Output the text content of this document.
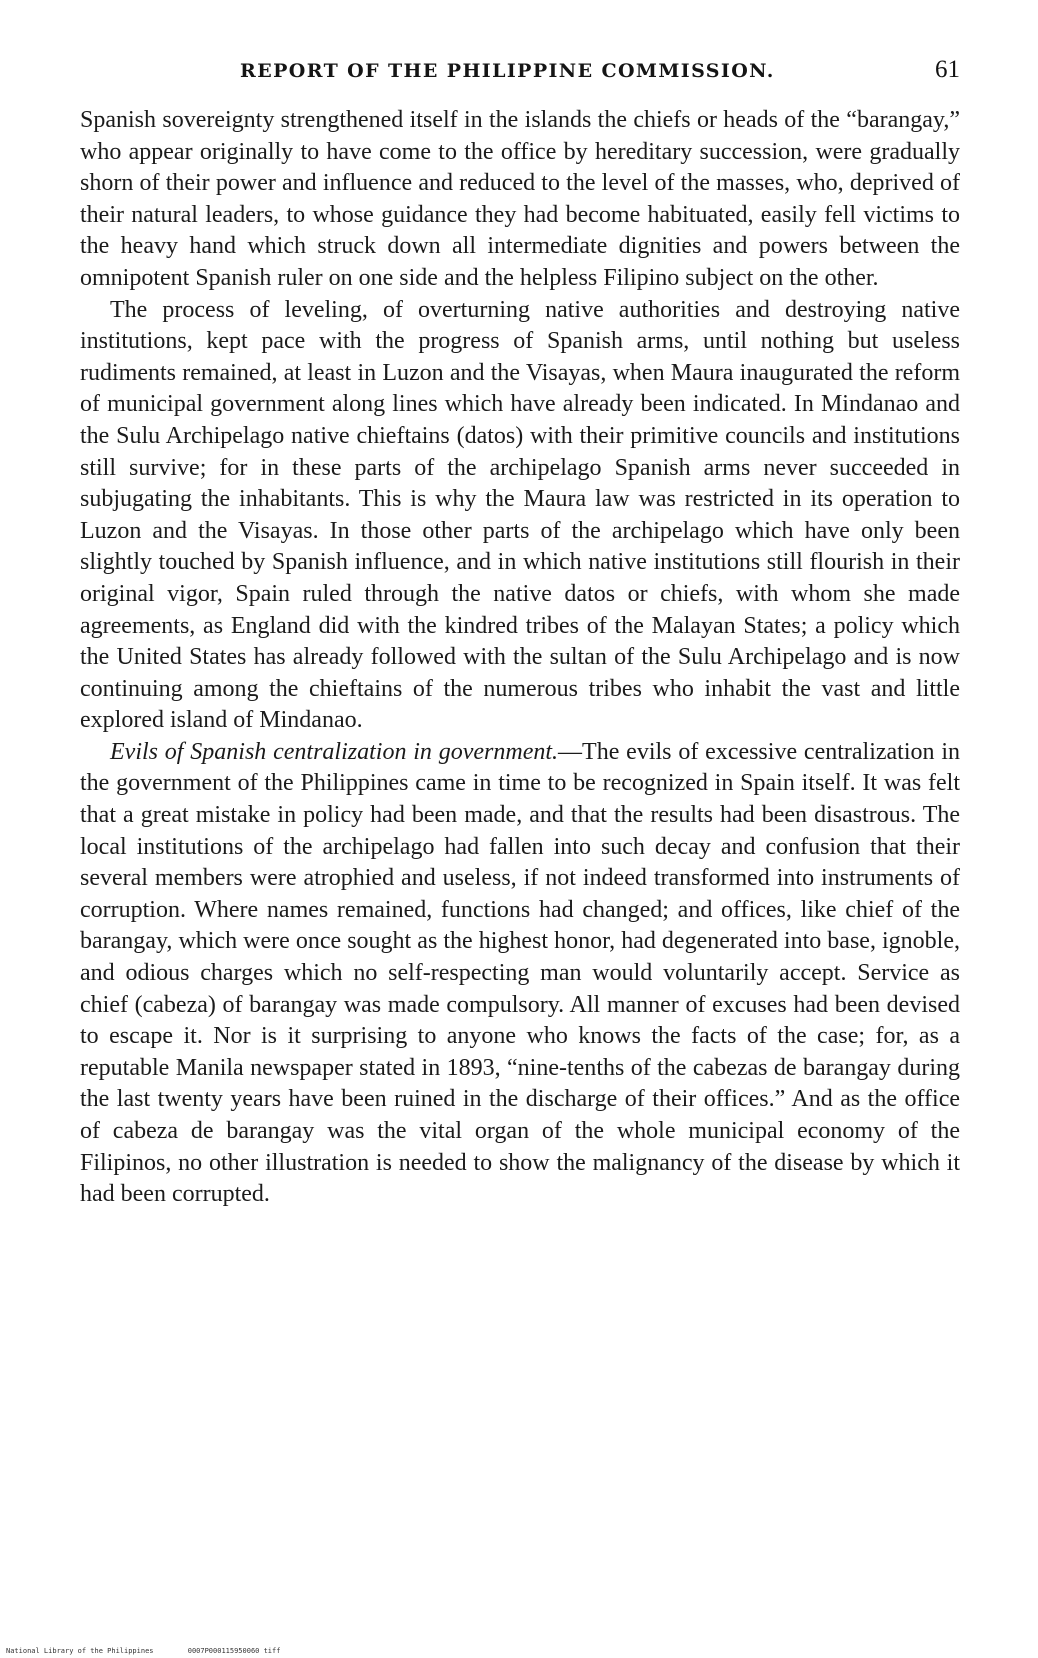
REPORT OF THE PHILIPPINE COMMISSION.	61

Spanish sovereignty strengthened itself in the islands the chiefs or heads of the “barangay,” who appear originally to have come to the office by hereditary succession, were gradually shorn of their power and influence and reduced to the level of the masses, who, deprived of their natural leaders, to whose guidance they had become habituated, easily fell victims to the heavy hand which struck down all intermediate dignities and powers between the omnipotent Spanish ruler on one side and the helpless Filipino subject on the other.

The process of leveling, of overturning native authorities and destroying native institutions, kept pace with the progress of Spanish arms, until nothing but useless rudiments remained, at least in Luzon and the Visayas, when Maura inaugurated the reform of municipal government along lines which have already been indicated. In Mindanao and the Sulu Archipelago native chieftains (datos) with their primitive councils and institutions still survive; for in these parts of the archipelago Spanish arms never succeeded in subjugating the inhabitants. This is why the Maura law was restricted in its operation to Luzon and the Visayas. In those other parts of the archipelago which have only been slightly touched by Spanish influence, and in which native institutions still flourish in their original vigor, Spain ruled through the native datos or chiefs, with whom she made agreements, as England did with the kindred tribes of the Malayan States; a policy which the United States has already followed with the sultan of the Sulu Archipelago and is now continuing among the chieftains of the numerous tribes who inhabit the vast and little explored island of Mindanao.

Evils of Spanish centralization in government.—The evils of excessive centralization in the government of the Philippines came in time to be recognized in Spain itself. It was felt that a great mistake in policy had been made, and that the results had been disastrous. The local institutions of the archipelago had fallen into such decay and confusion that their several members were atrophied and useless, if not indeed transformed into instruments of corruption. Where names remained, functions had changed; and offices, like chief of the barangay, which were once sought as the highest honor, had degenerated into base, ignoble, and odious charges which no self-respecting man would voluntarily accept. Service as chief (cabeza) of barangay was made compulsory. All manner of excuses had been devised to escape it. Nor is it surprising to anyone who knows the facts of the case; for, as a reputable Manila newspaper stated in 1893, “nine-tenths of the cabezas de barangay during the last twenty years have been ruined in the discharge of their offices.” And as the office of cabeza de barangay was the vital organ of the whole municipal economy of the Filipinos, no other illustration is needed to show the malignancy of the disease by which it had been corrupted.

National Library of the Philippines	0007P000115950060 tiff
